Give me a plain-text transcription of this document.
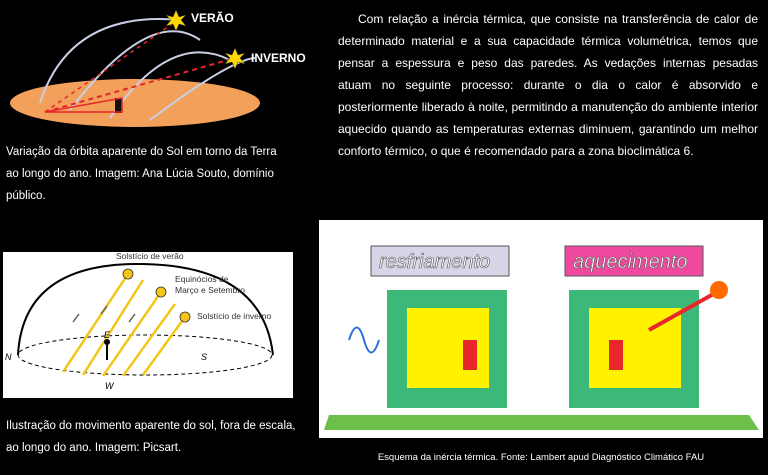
VERÃO
INVERNO
Variação da órbita aparente do Sol em torno da Terra ao longo do ano. Imagem: Ana Lúcia Souto, domínio público.
Com relação a inércia térmica, que consiste na transferência de calor de determinado material e a sua capacidade térmica volumétrica, temos que pensar a espessura e peso das paredes. As vedações internas pesadas atuam no seguinte processo: durante o dia o calor é absorvido e posteriormente liberado à noite, permitindo a manutenção do ambiente interior aquecido quando as temperaturas externas diminuem, garantindo um melhor conforto térmico, o que é recomendado para a zona bioclimática 6.
Solstício de verão
Equinócios de
Março e Setembro
Solstício de inverno
N	S
E
W
Ilustração do movimento aparente do sol, fora de escala, ao longo do ano. Imagem: Picsart.
resfriamento	aquecimento
Esquema da inércia térmica. Fonte: Lambert apud Diagnóstico Climático FAU
